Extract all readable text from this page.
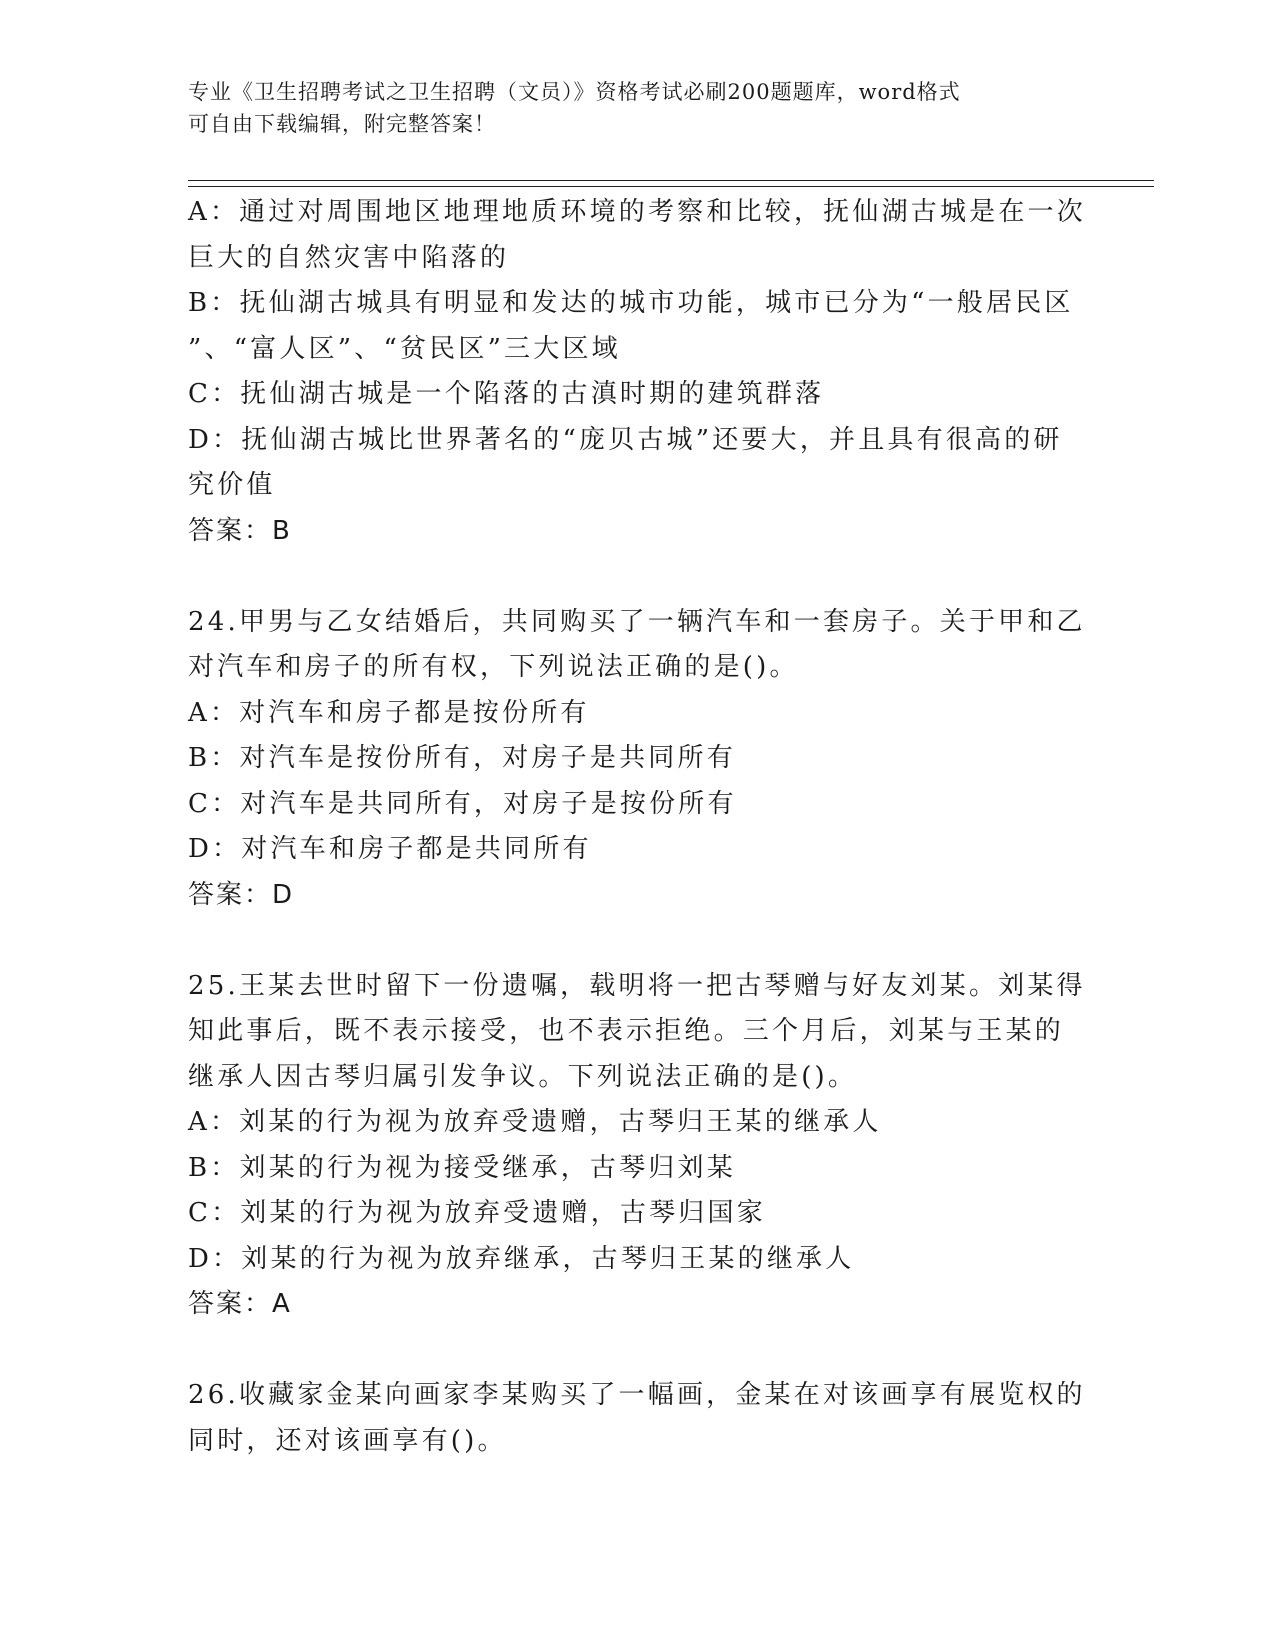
专业《卫生招聘考试之卫生招聘（文员）》资格考试必刷200题题库，word格式
可自由下载编辑，附完整答案！
A：通过对周围地区地理地质环境的考察和比较，抚仙湖古城是在一次
巨大的自然灾害中陷落的
B：抚仙湖古城具有明显和发达的城市功能，城市已分为“一般居民区
”、“富人区”、“贫民区”三大区域
C：抚仙湖古城是一个陷落的古滇时期的建筑群落
D：抚仙湖古城比世界著名的“庞贝古城”还要大，并且具有很高的研
究价值
答案：B
24.甲男与乙女结婚后，共同购买了一辆汽车和一套房子。关于甲和乙
对汽车和房子的所有权，下列说法正确的是()。
A：对汽车和房子都是按份所有
B：对汽车是按份所有，对房子是共同所有
C：对汽车是共同所有，对房子是按份所有
D：对汽车和房子都是共同所有
答案：D
25.王某去世时留下一份遗嘱，载明将一把古琴赠与好友刘某。刘某得
知此事后，既不表示接受，也不表示拒绝。三个月后，刘某与王某的
继承人因古琴归属引发争议。下列说法正确的是()。
A：刘某的行为视为放弃受遗赠，古琴归王某的继承人
B：刘某的行为视为接受继承，古琴归刘某
C：刘某的行为视为放弃受遗赠，古琴归国家
D：刘某的行为视为放弃继承，古琴归王某的继承人
答案：A
26.收藏家金某向画家李某购买了一幅画，金某在对该画享有展览权的
同时，还对该画享有()。
